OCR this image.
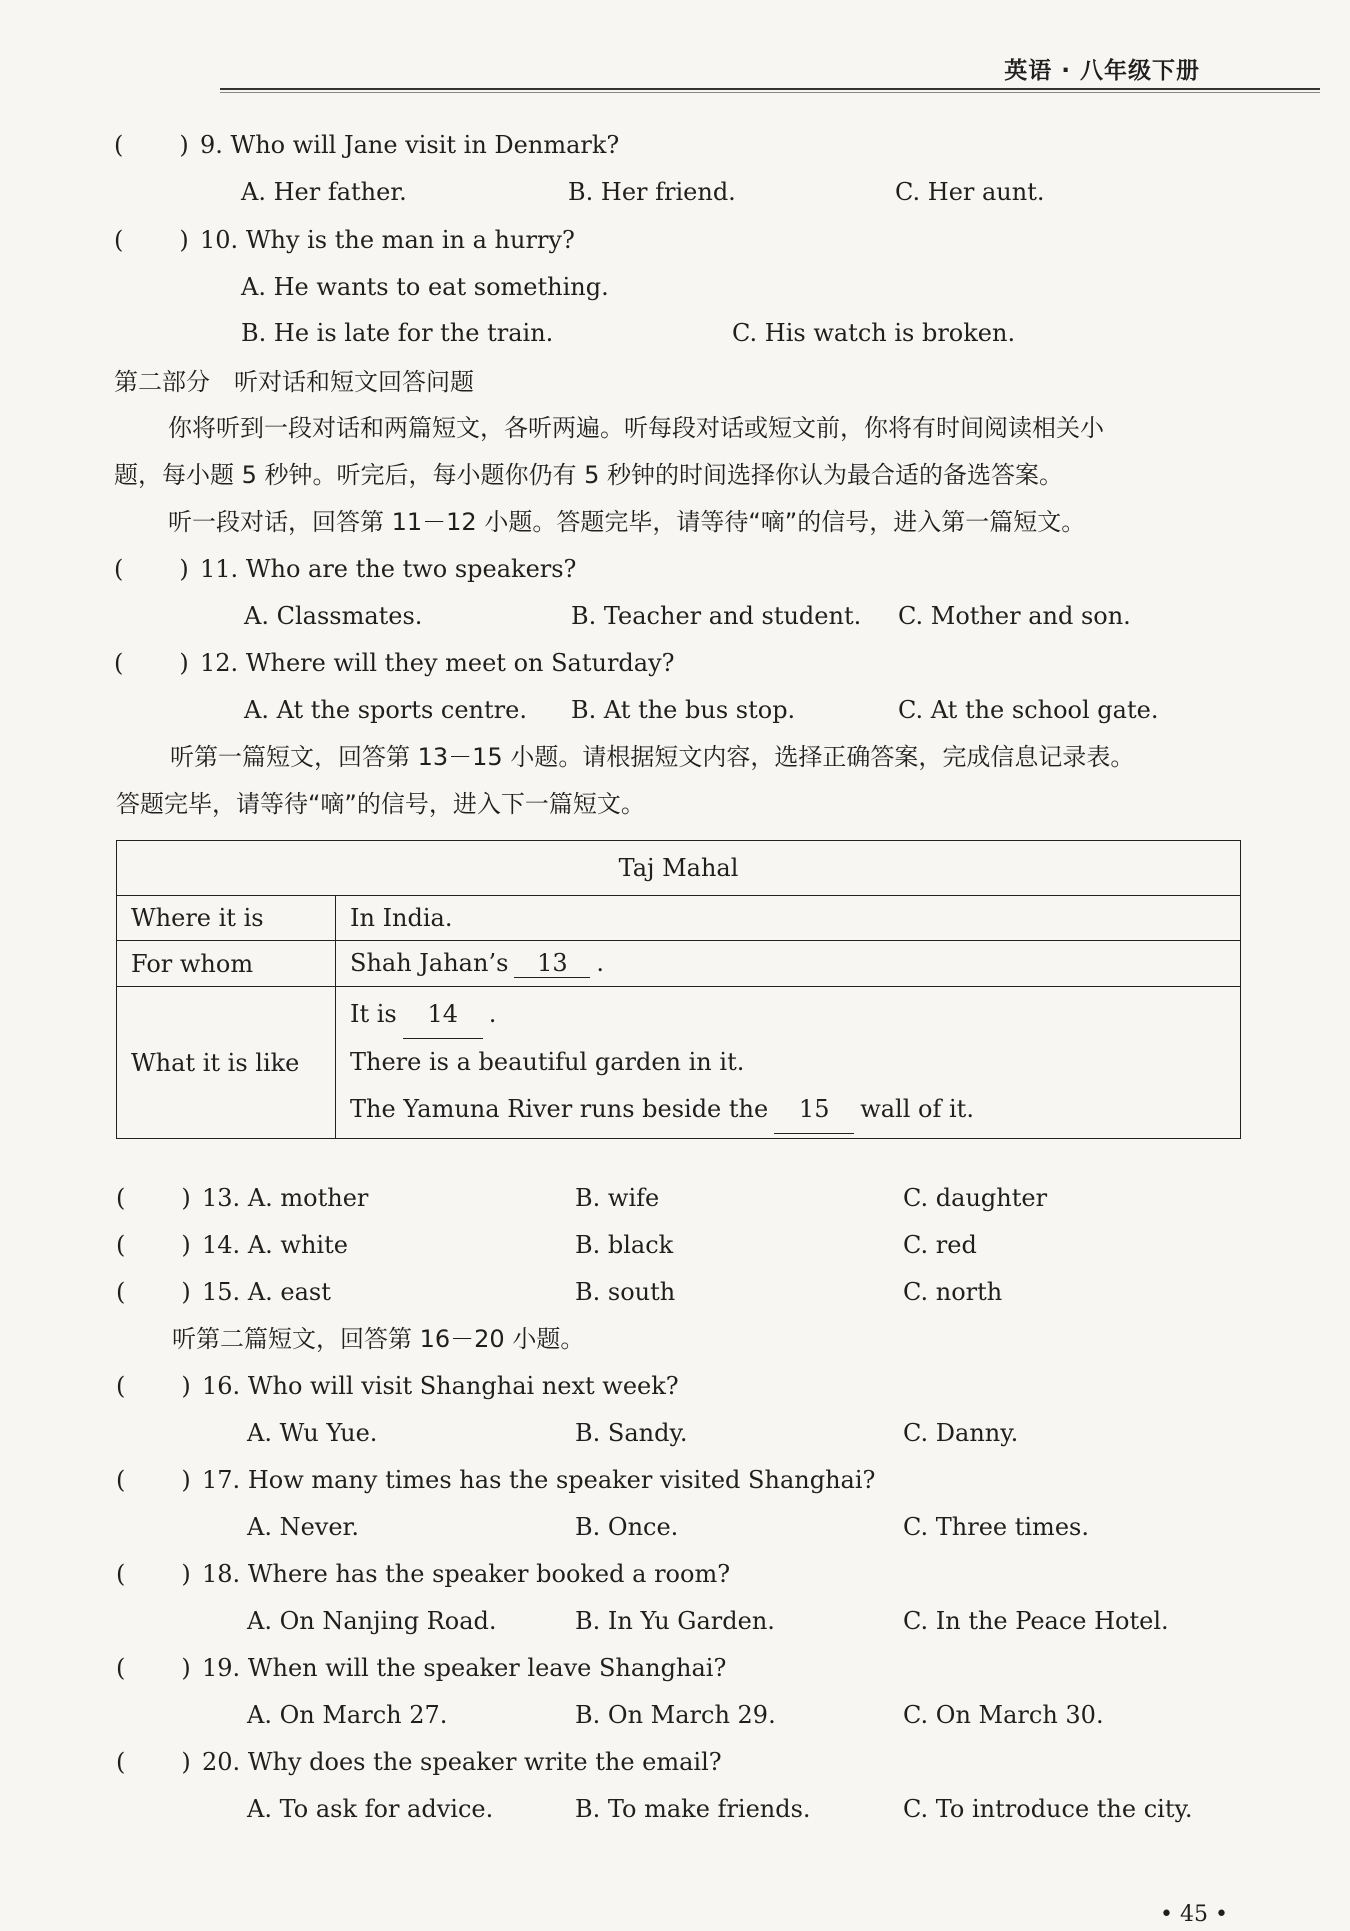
英语 · 八年级下册
( ) 9. Who will Jane visit in Denmark?
A. Her father.	B. Her friend.	C. Her aunt.
( ) 10. Why is the man in a hurry?
A. He wants to eat something.
B. He is late for the train.	C. His watch is broken.
第二部分　听对话和短文回答问题
你将听到一段对话和两篇短文，各听两遍。听每段对话或短文前，你将有时间阅读相关小
题，每小题 5 秒钟。听完后，每小题你仍有 5 秒钟的时间选择你认为最合适的备选答案。
听一段对话，回答第 11－12 小题。答题完毕，请等待“嘀”的信号，进入第一篇短文。
( ) 11. Who are the two speakers?
A. Classmates.	B. Teacher and student. C. Mother and son.
( ) 12. Where will they meet on Saturday?
A. At the sports centre. B. At the bus stop.	C. At the school gate.
听第一篇短文，回答第 13－15 小题。请根据短文内容，选择正确答案，完成信息记录表。
答题完毕，请等待“嘀”的信号，进入下一篇短文。
Taj Mahal	
Where it is	In India.
For whom	Shah Jahan’s 13 .
What it is like	It is 14 .
There is a beautiful garden in it.
The Yamuna River runs beside the 15 wall of it.
( ) 13. A. mother	B. wife	C. daughter
( ) 14. A. white	B. black	C. red
( ) 15. A. east	B. south	C. north
听第二篇短文，回答第 16－20 小题。
( ) 16. Who will visit Shanghai next week?
A. Wu Yue.	B. Sandy.	C. Danny.
( ) 17. How many times has the speaker visited Shanghai?
A. Never.	B. Once.	C. Three times.
( ) 18. Where has the speaker booked a room?
A. On Nanjing Road.	B. In Yu Garden.	C. In the Peace Hotel.
( ) 19. When will the speaker leave Shanghai?
A. On March 27.	B. On March 29.	C. On March 30.
( ) 20. Why does the speaker write the email?
A. To ask for advice.	B. To make friends.	C. To introduce the city.
• 45 •
